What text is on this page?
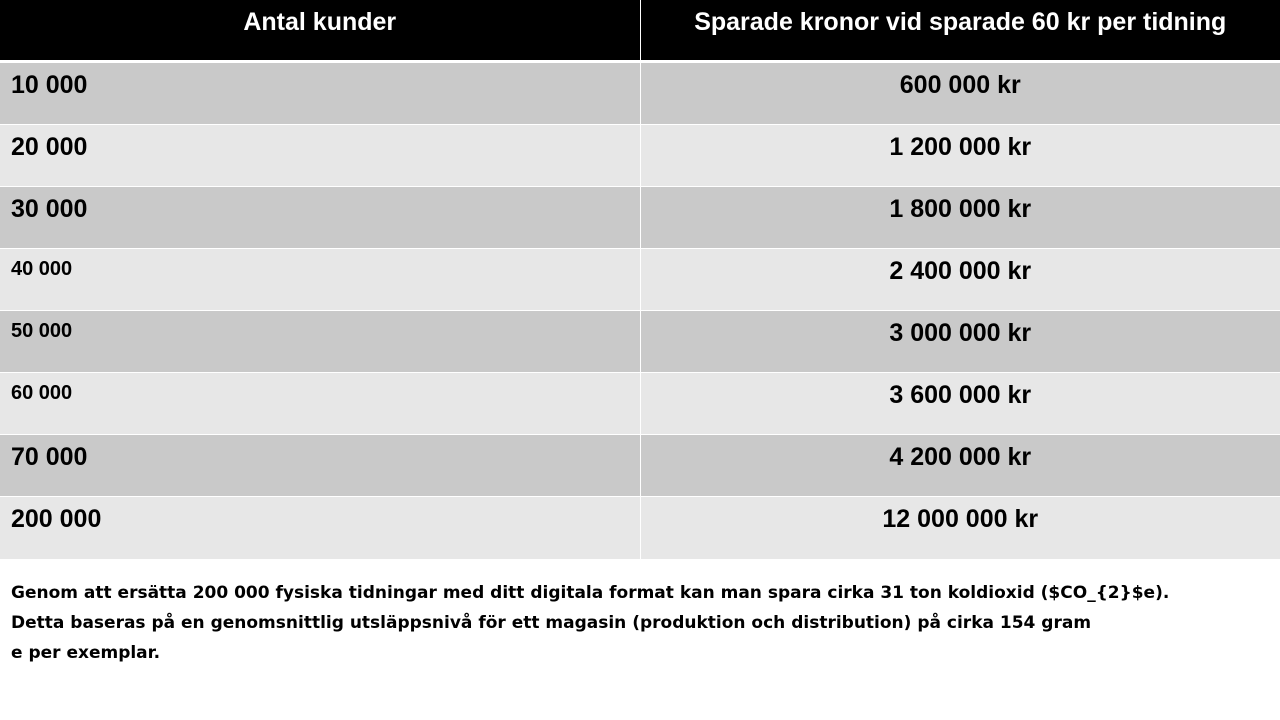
Antal kunder	Sparade kronor vid sparade 60 kr per tidning
10 000	600 000 kr
20 000	1 200 000 kr
30 000	1 800 000 kr
40 000	2 400 000 kr
50 000	3 000 000 kr
60 000	3 600 000 kr
70 000	4 200 000 kr
200 000	12 000 000 kr
Genom att ersätta 200 000 fysiska tidningar med ditt digitala format kan man spara cirka 31 ton koldioxid ($CO_{2}$e).
Detta baseras på en genomsnittlig utsläppsnivå för ett magasin (produktion och distribution) på cirka 154 gram
e per exemplar.
